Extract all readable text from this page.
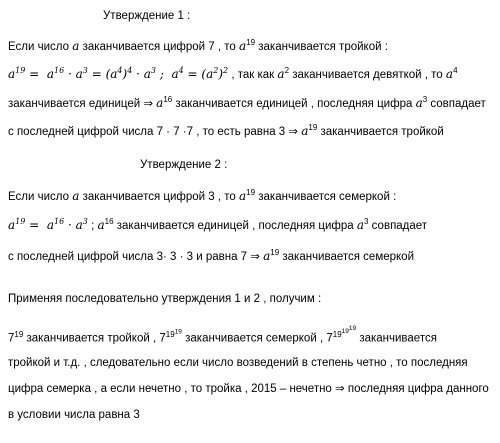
Утверждение 1 :
Если число a заканчивается цифрой 7 , то $a^{19}$ заканчивается тройкой :
$a^{19} = a^{16} \cdot a^3 = (a^4)^4 \cdot a^3$ ;  $a^4 = (a^2)^2$ , так как $a^2$ заканчивается девяткой , то $a^4$
заканчивается единицей ⇒ $a^{16}$ заканчивается единицей , последняя цифра $a^3$ совпадает
с последней цифрой числа 7 · 7 ·7 , то есть равна 3 ⇒ $a^{19}$ заканчивается тройкой
Утверждение 2 :
Если число a заканчивается цифрой 3 , то $a^{19}$ заканчивается семеркой :
$a^{19} = a^{16} \cdot a^3$ ; $a^{16}$ заканчивается единицей , последняя цифра $a^3$ совпадает
с последней цифрой числа 3· 3 · 3 и равна 7 ⇒ $a^{19}$ заканчивается семеркой
Применяя последовательно утверждения 1 и 2 , получим :
$7^{19}$ заканчивается тройкой , $7^{19^{19}}$ заканчивается семеркой , $7^{19^{19^{19}}}$ заканчивается
тройкой и т.д. , следовательно если число возведений в степень четно , то последняя
цифра семерка , а если нечетно , то тройка , 2015 – нечетно ⇒ последняя цифра данного
в условии числа равна 3
